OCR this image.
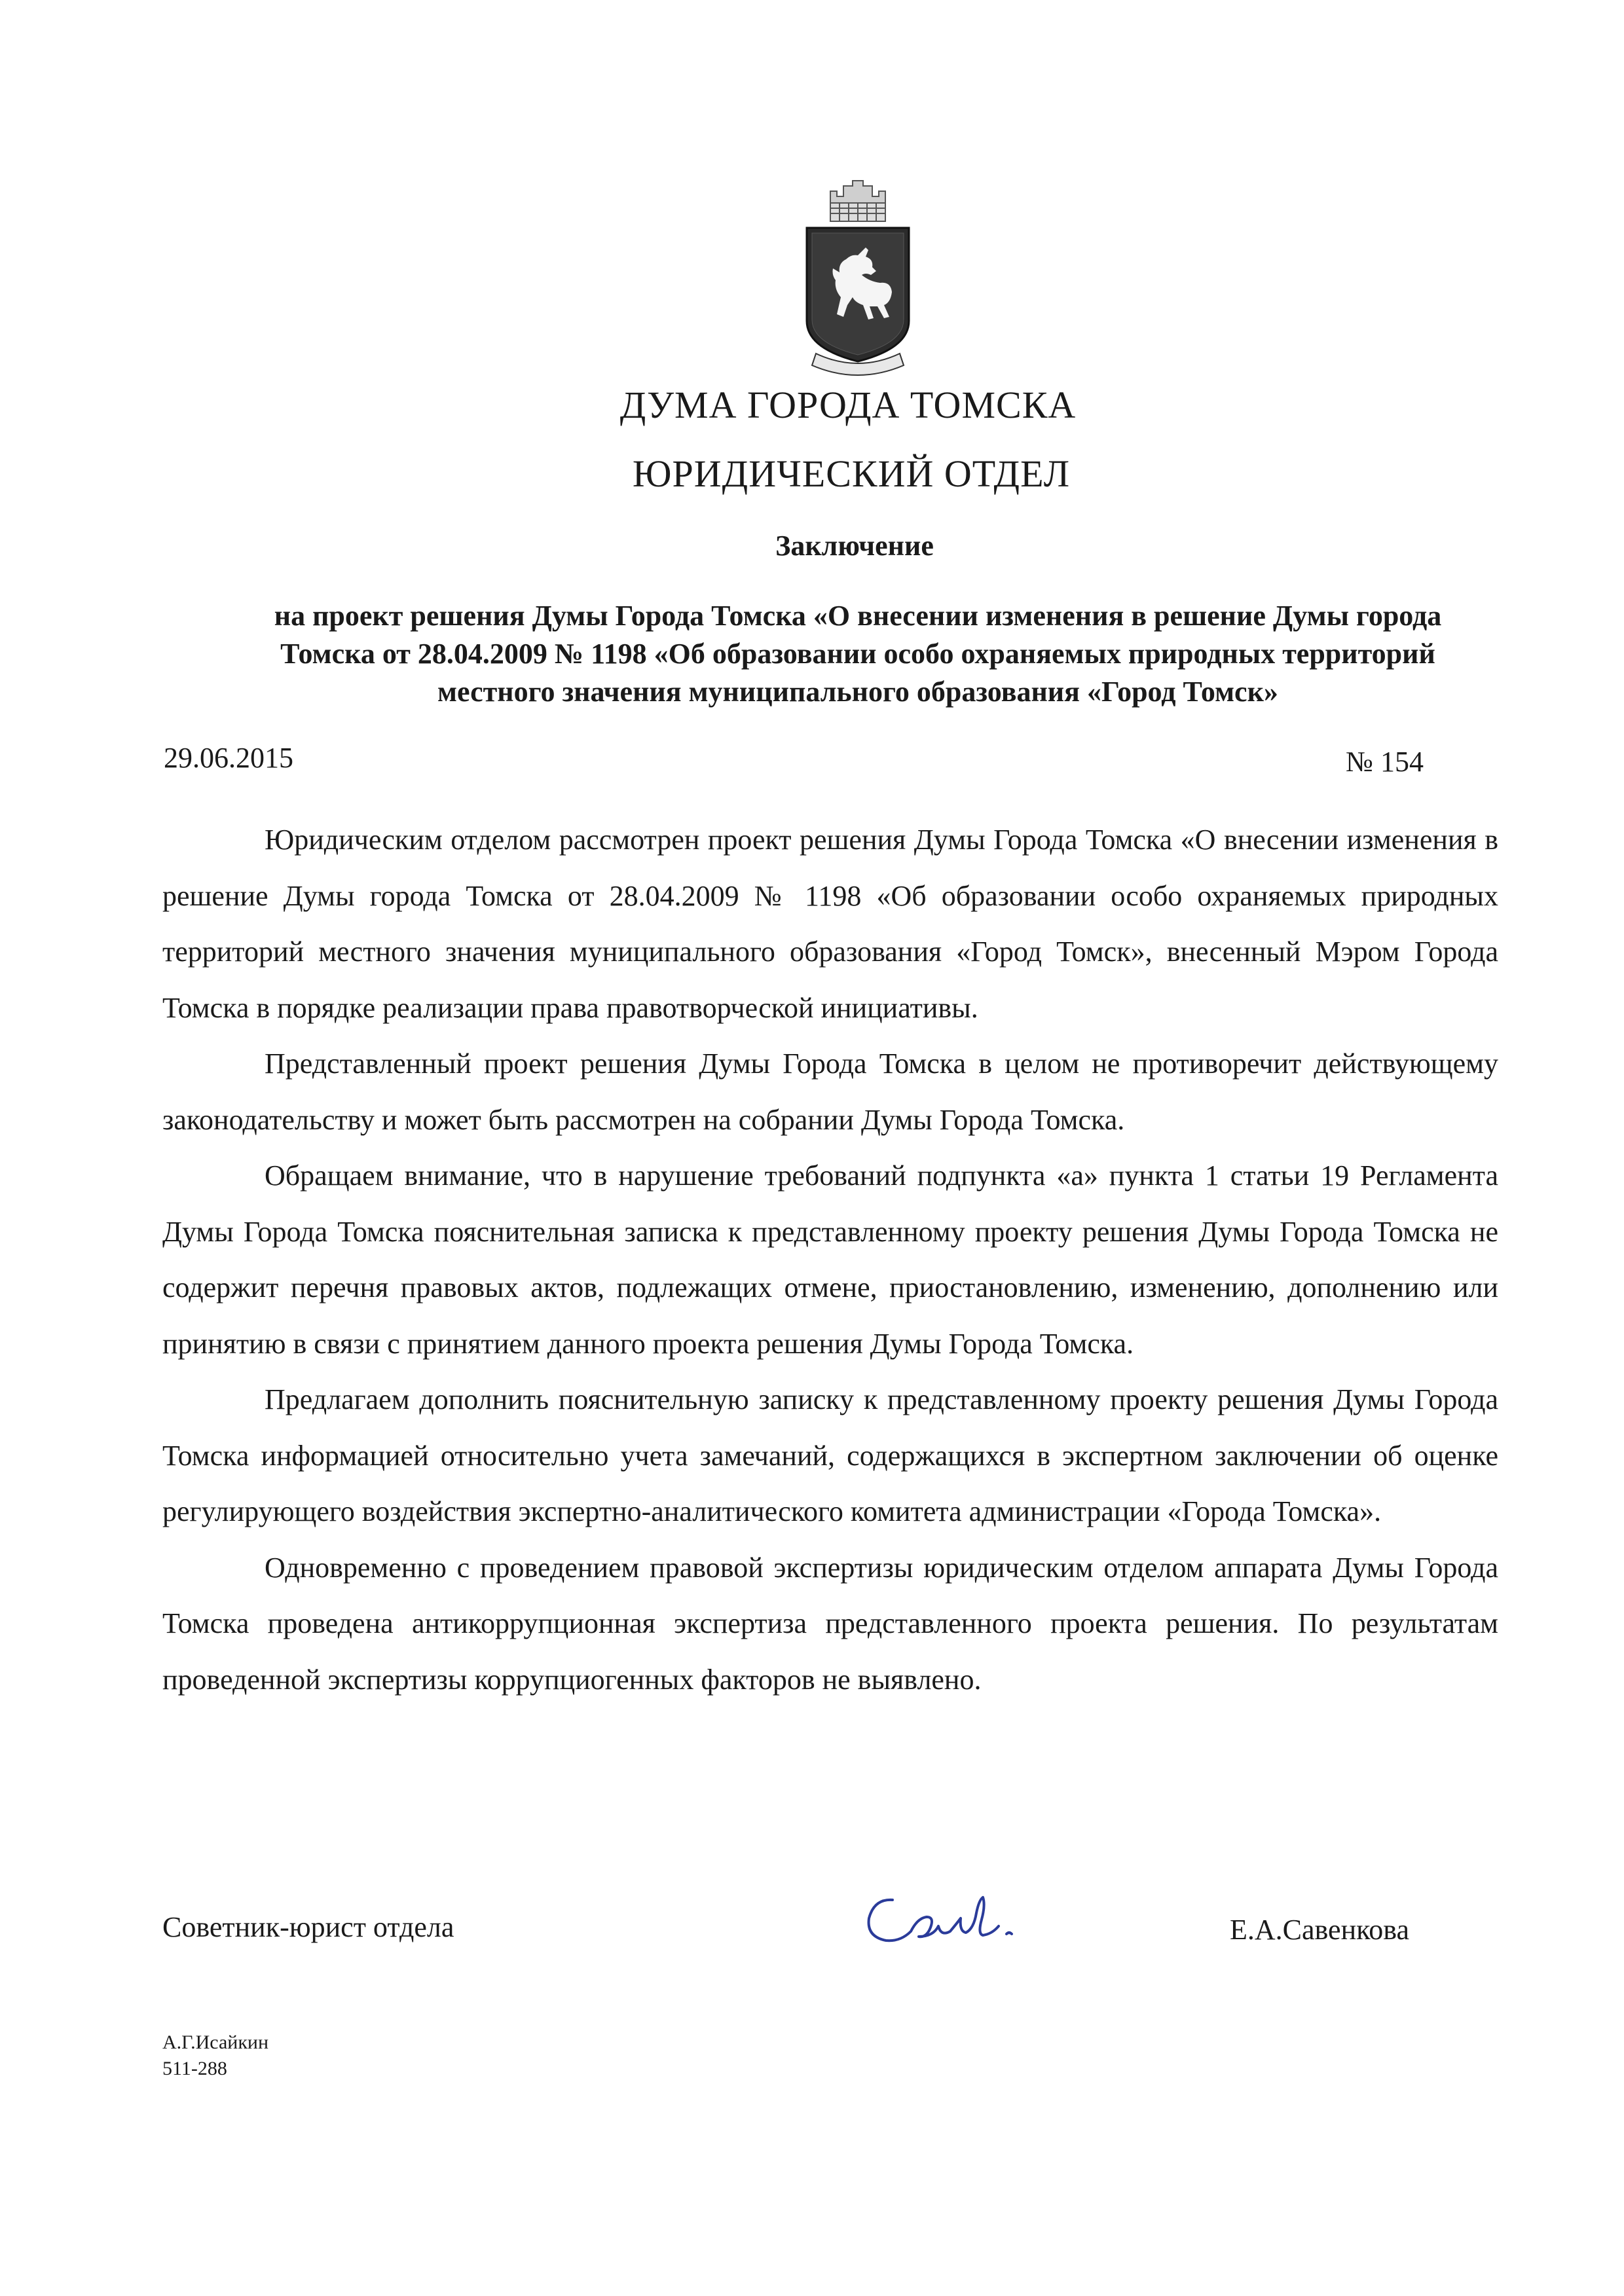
ДУМА ГОРОДА ТОМСКА
ЮРИДИЧЕСКИЙ ОТДЕЛ
Заключение
на проект решения Думы Города Томска «О внесении изменения в решение Думы города Томска от 28.04.2009 № 1198 «Об образовании особо охраняемых природных территорий местного значения муниципального образования «Город Томск»
29.06.2015	№ 154

Юридическим отделом рассмотрен проект решения Думы Города Томска «О внесении изменения в решение Думы города Томска от 28.04.2009 № 1198 «Об образовании особо охраняемых природных территорий местного значения муниципального образования «Город Томск», внесенный Мэром Города Томска в порядке реализации права правотворческой инициативы.

Представленный проект решения Думы Города Томска в целом не противоречит действующему законодательству и может быть рассмотрен на собрании Думы Города Томска.

Обращаем внимание, что в нарушение требований подпункта «а» пункта 1 статьи 19 Регламента Думы Города Томска пояснительная записка к представленному проекту решения Думы Города Томска не содержит перечня правовых актов, подлежащих отмене, приостановлению, изменению, дополнению или принятию в связи с принятием данного проекта решения Думы Города Томска.

Предлагаем дополнить пояснительную записку к представленному проекту решения Думы Города Томска информацией относительно учета замечаний, содержащихся в экспертном заключении об оценке регулирующего воздействия экспертно-аналитического комитета администрации «Города Томска».

Одновременно с проведением правовой экспертизы юридическим отделом аппарата Думы Города Томска проведена антикоррупционная экспертиза представленного проекта решения. По результатам проведенной экспертизы коррупциогенных факторов не выявлено.

Советник-юрист отдела	Е.А.Савенкова
А.Г.Исайкин
511-288
